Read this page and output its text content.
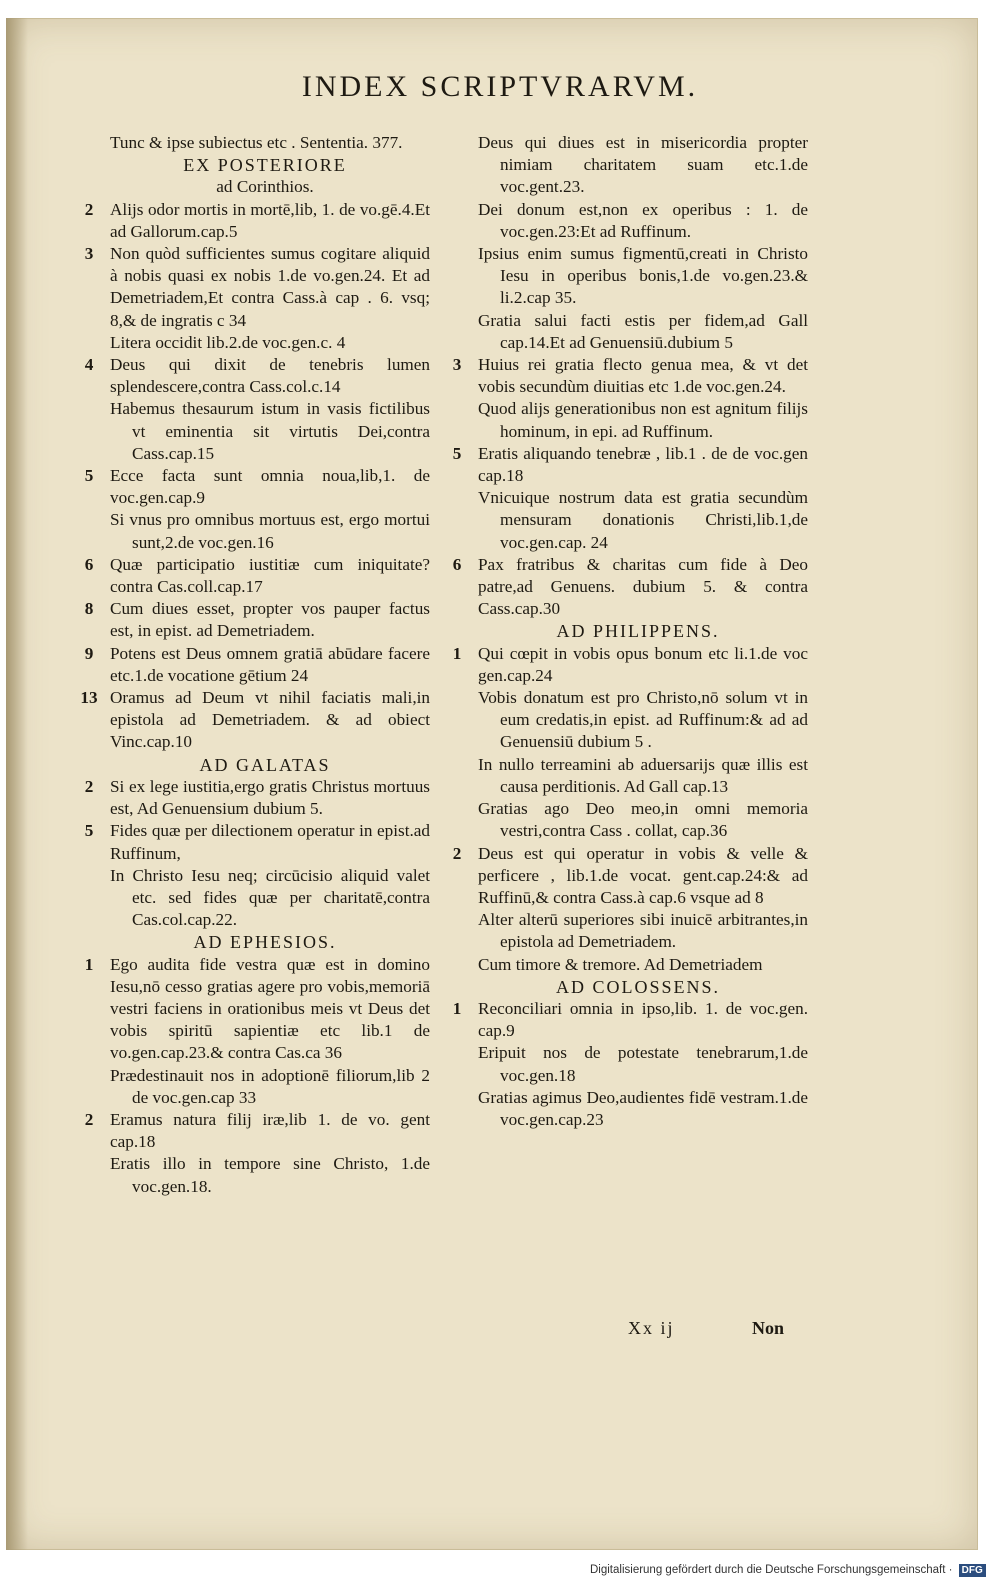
INDEX SCRIPTVRARVM.
Tunc & ipse subiectus etc . Sententia. 377.
EX POSTERIORE
ad Corinthios.
2 Alijs odor mortis in mortē,lib, 1. de vo.gē.4.Et ad Gallorum.cap.5
3 Non quòd sufficientes sumus cogitare aliquid à nobis quasi ex nobis 1.de vo.gen.24. Et ad Demetriadem,Et contra Cass.à cap . 6. vsq; 8,& de ingratis c 34
Litera occidit lib.2.de voc.gen.c. 4
4 Deus qui dixit de tenebris lumen splendescere,contra Cass.col.c.14
Habemus thesaurum istum in vasis fictilibus vt eminentia sit virtutis Dei,contra Cass.cap.15
5 Ecce facta sunt omnia noua,lib,1. de voc.gen.cap.9
Si vnus pro omnibus mortuus est, ergo mortui sunt,2.de voc.gen.16
6 Quæ participatio iustitiæ cum iniquitate?contra Cas.coll.cap.17
8 Cum diues esset, propter vos pauper factus est, in epist. ad Demetriadem.
9 Potens est Deus omnem gratiā abūdare facere etc.1.de vocatione gētium 24
13 Oramus ad Deum vt nihil faciatis mali,in epistola ad Demetriadem. & ad obiect Vinc.cap.10
AD GALATAS
2 Si ex lege iustitia,ergo gratis Christus mortuus est, Ad Genuensium dubium 5.
5 Fides quæ per dilectionem operatur in epist.ad Ruffinum,
In Christo Iesu neq; circūcisio aliquid valet etc. sed fides quæ per charitatē,contra Cas.col.cap.22.
AD EPHESIOS.
1 Ego audita fide vestra quæ est in domino Iesu,nō cesso gratias agere pro vobis,memoriā vestri faciens in orationibus meis vt Deus det vobis spiritū sapientiæ etc lib.1 de vo.gen.cap.23.& contra Cas.ca 36
Prædestinauit nos in adoptionē filiorum,lib 2 de voc.gen.cap 33
2 Eramus natura filij iræ,lib 1. de vo. gent cap.18
Eratis illo in tempore sine Christo, 1.de voc.gen.18.
Deus qui diues est in misericordia propter nimiam charitatem suam etc.1.de voc.gent.23.
Dei donum est,non ex operibus : 1. de voc.gen.23:Et ad Ruffinum.
Ipsius enim sumus figmentū,creati in Christo Iesu in operibus bonis,1.de vo.gen.23.& li.2.cap 35.
Gratia salui facti estis per fidem,ad Gall cap.14.Et ad Genuensiū.dubium 5
3 Huius rei gratia flecto genua mea, & vt det vobis secundùm diuitias etc 1.de voc.gen.24.
Quod alijs generationibus non est agnitum filijs hominum, in epi. ad Ruffinum.
5 Eratis aliquando tenebræ , lib.1 . de de voc.gen cap.18
Vnicuique nostrum data est gratia secundùm mensuram donationis Christi,lib.1,de voc.gen.cap. 24
6 Pax fratribus & charitas cum fide à Deo patre,ad Genuens. dubium 5. & contra Cass.cap.30
AD PHILIPPENS.
1 Qui cœpit in vobis opus bonum etc li.1.de voc gen.cap.24
Vobis donatum est pro Christo,nō solum vt in eum credatis,in epist. ad Ruffinum:& ad ad Genuensiū dubium 5 .
In nullo terreamini ab aduersarijs quæ illis est causa perditionis. Ad Gall cap.13
Gratias ago Deo meo,in omni memoria vestri,contra Cass . collat, cap.36
2 Deus est qui operatur in vobis & velle & perficere , lib.1.de vocat. gent.cap.24:& ad Ruffinū,& contra Cass.à cap.6 vsque ad 8
Alter alterū superiores sibi inuicē arbitrantes,in epistola ad Demetriadem.
Cum timore & tremore. Ad Demetriadem
AD COLOSSENS.
1 Reconciliari omnia in ipso,lib. 1. de voc.gen. cap.9
Eripuit nos de potestate tenebrarum,1.de voc.gen.18
Gratias agimus Deo,audientes fidē vestram.1.de voc.gen.cap.23
Xx ij	Non
Digitalisierung gefördert durch die Deutsche Forschungsgemeinschaft · DFG
